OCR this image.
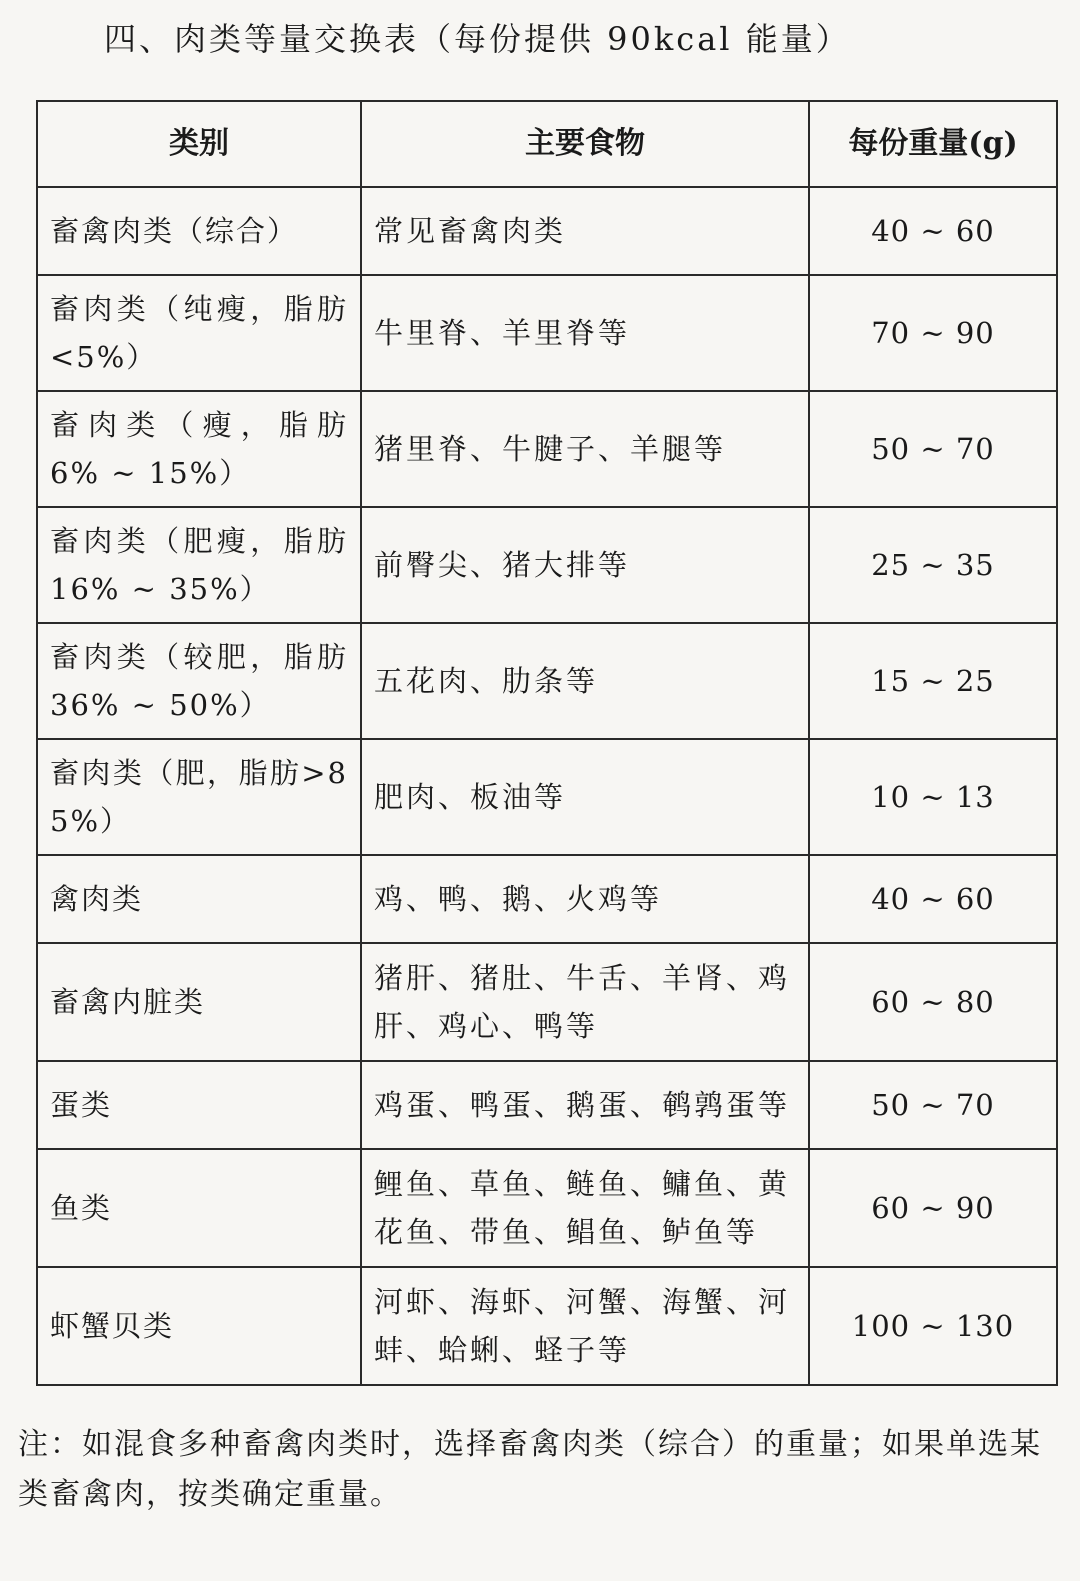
四、肉类等量交换表（每份提供 90kcal 能量）
类别	主要食物	每份重量(g)
畜禽肉类（综合）	常见畜禽肉类	40 ~ 60
畜肉类（纯瘦，脂肪<5%）	牛里脊、羊里脊等	70 ~ 90
畜肉类（瘦，脂肪 6% ~ 15%）	猪里脊、牛腱子、羊腿等	50 ~ 70
畜肉类（肥瘦，脂肪 16% ~ 35%）	前臀尖、猪大排等	25 ~ 35
畜肉类（较肥，脂肪 36% ~ 50%）	五花肉、肋条等	15 ~ 25
畜肉类（肥，脂肪>85%）	肥肉、板油等	10 ~ 13
禽肉类	鸡、鸭、鹅、火鸡等	40 ~ 60
畜禽内脏类	猪肝、猪肚、牛舌、羊肾、鸡肝、鸡心、鸭等	60 ~ 80
蛋类	鸡蛋、鸭蛋、鹅蛋、鹌鹑蛋等	50 ~ 70
鱼类	鲤鱼、草鱼、鲢鱼、鳙鱼、黄花鱼、带鱼、鲳鱼、鲈鱼等	60 ~ 90
虾蟹贝类	河虾、海虾、河蟹、海蟹、河蚌、蛤蜊、蛏子等	100 ~ 130
注：如混食多种畜禽肉类时，选择畜禽肉类（综合）的重量；如果单选某类畜禽肉，按类确定重量。
